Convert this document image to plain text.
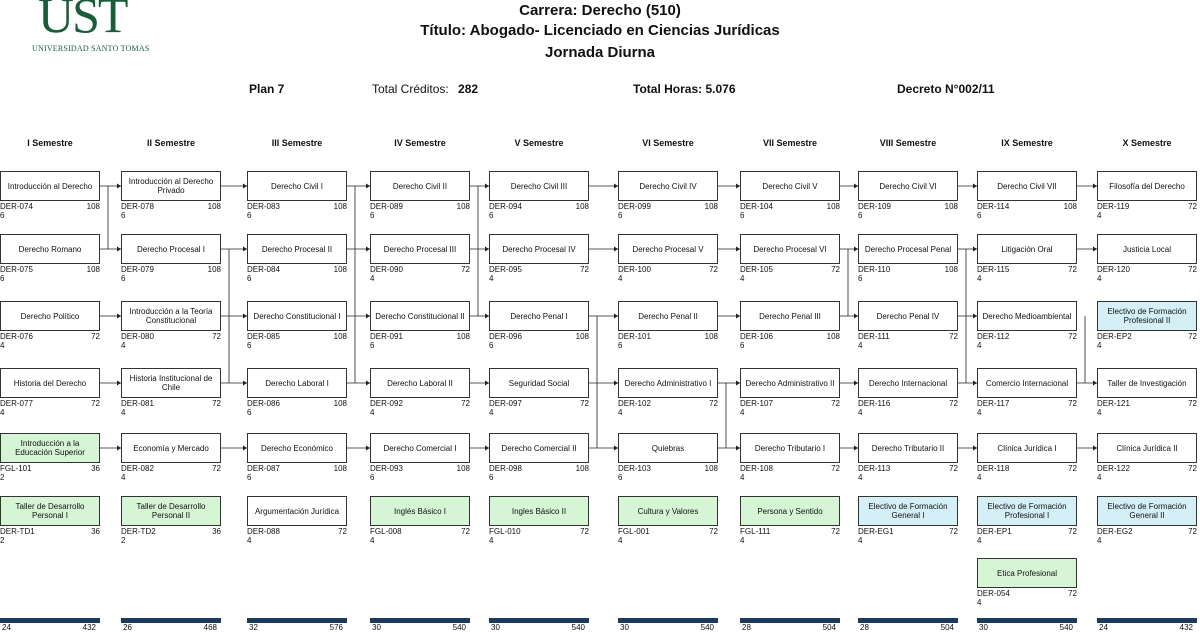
UST
UNIVERSIDAD SANTO TOMAS
Carrera: Derecho (510)
Título: Abogado- Licenciado en Ciencias Jurídicas
Jornada Diurna
Plan 7	Total Créditos: 282	Total Horas: 5.076	Decreto N°002/11
I Semestre	II Semestre	III Semestre	IV Semestre	V Semestre	VI Semestre	VII Semestre	VIII Semestre	IX Semestre	X Semestre
Introducción al Derecho
DER-074	108
6
Derecho Romano
DER-075	108
6
Derecho Político
DER-076	72
4
Historia del Derecho
DER-077	72
4
Introducción a la Educación Superior
FGL-101	36
2
Taller de Desarrollo Personal I
DER-TD1	36
2
Introducción al Derecho Privado
DER-078	108
6
Derecho Procesal I
DER-079	108
6
Introducción a la Teoría Constitucional
DER-080	72
4
Historia Institucional de Chile
DER-081	72
4
Economía y Mercado
DER-082	72
4
Taller de Desarrollo Personal II
DER-TD2	36
2
Derecho Civil I
DER-083	108
6
Derecho Procesal II
DER-084	108
6
Derecho Constitucional I
DER-085	108
6
Derecho Laboral I
DER-086	108
6
Derecho Económico
DER-087	108
6
Argumentación Jurídica
DER-088	72
4
Derecho Civil II
DER-089	108
6
Derecho Procesal III
DER-090	72
4
Derecho Constitucional II
DER-091	108
6
Derecho Laboral II
DER-092	72
4
Derecho Comercial I
DER-093	108
6
Inglés Básico I
FGL-008	72
4
Derecho Civil III
DER-094	108
6
Derecho Procesal IV
DER-095	72
4
Derecho Penal I
DER-096	108
6
Seguridad Social
DER-097	72
4
Derecho Comercial II
DER-098	108
6
Ingles Básico II
FGL-010	72
4
Derecho Civil IV
DER-099	108
6
Derecho Procesal V
DER-100	72
4
Derecho Penal II
DER-101	108
6
Derecho Administrativo I
DER-102	72
4
Quiebras
DER-103	108
6
Cultura y Valores
FGL-001	72
4
Derecho Civil V
DER-104	108
6
Derecho Procesal VI
DER-105	72
4
Derecho Penal III
DER-106	108
6
Derecho Administrativo II
DER-107	72
4
Derecho Tributario I
DER-108	72
4
Persona y Sentido
FGL-111	72
4
Derecho Civil VI
DER-109	108
6
Derecho Procesal Penal
DER-110	108
6
Derecho Penal IV
DER-111	72
4
Derecho Internacional
DER-116	72
4
Derecho Tributario II
DER-113	72
4
Electivo de Formación General I
DER-EG1	72
4
Derecho Civil VII
DER-114	108
6
Litigación Oral
DER-115	72
4
Derecho Medioambiental
DER-112	72
4
Comercio Internacional
DER-117	72
4
Clínica Jurídica I
DER-118	72
4
Electivo de Formación Profesional I
DER-EP1	72
4
Etica Profesional
DER-054	72
4
Filosofía del Derecho
DER-119	72
4
Justicia Local
DER-120	72
4
Electivo de Formación Profesional II
DER-EP2	72
4
Taller de Investigación
DER-121	72
4
Clínica Jurídica II
DER-122	72
4
Electivo de Formación General II
DER-EG2	72
4
24	432	26	468	32	576	30	540	30	540	30	540	28	504	28	504	30	540	24	432
